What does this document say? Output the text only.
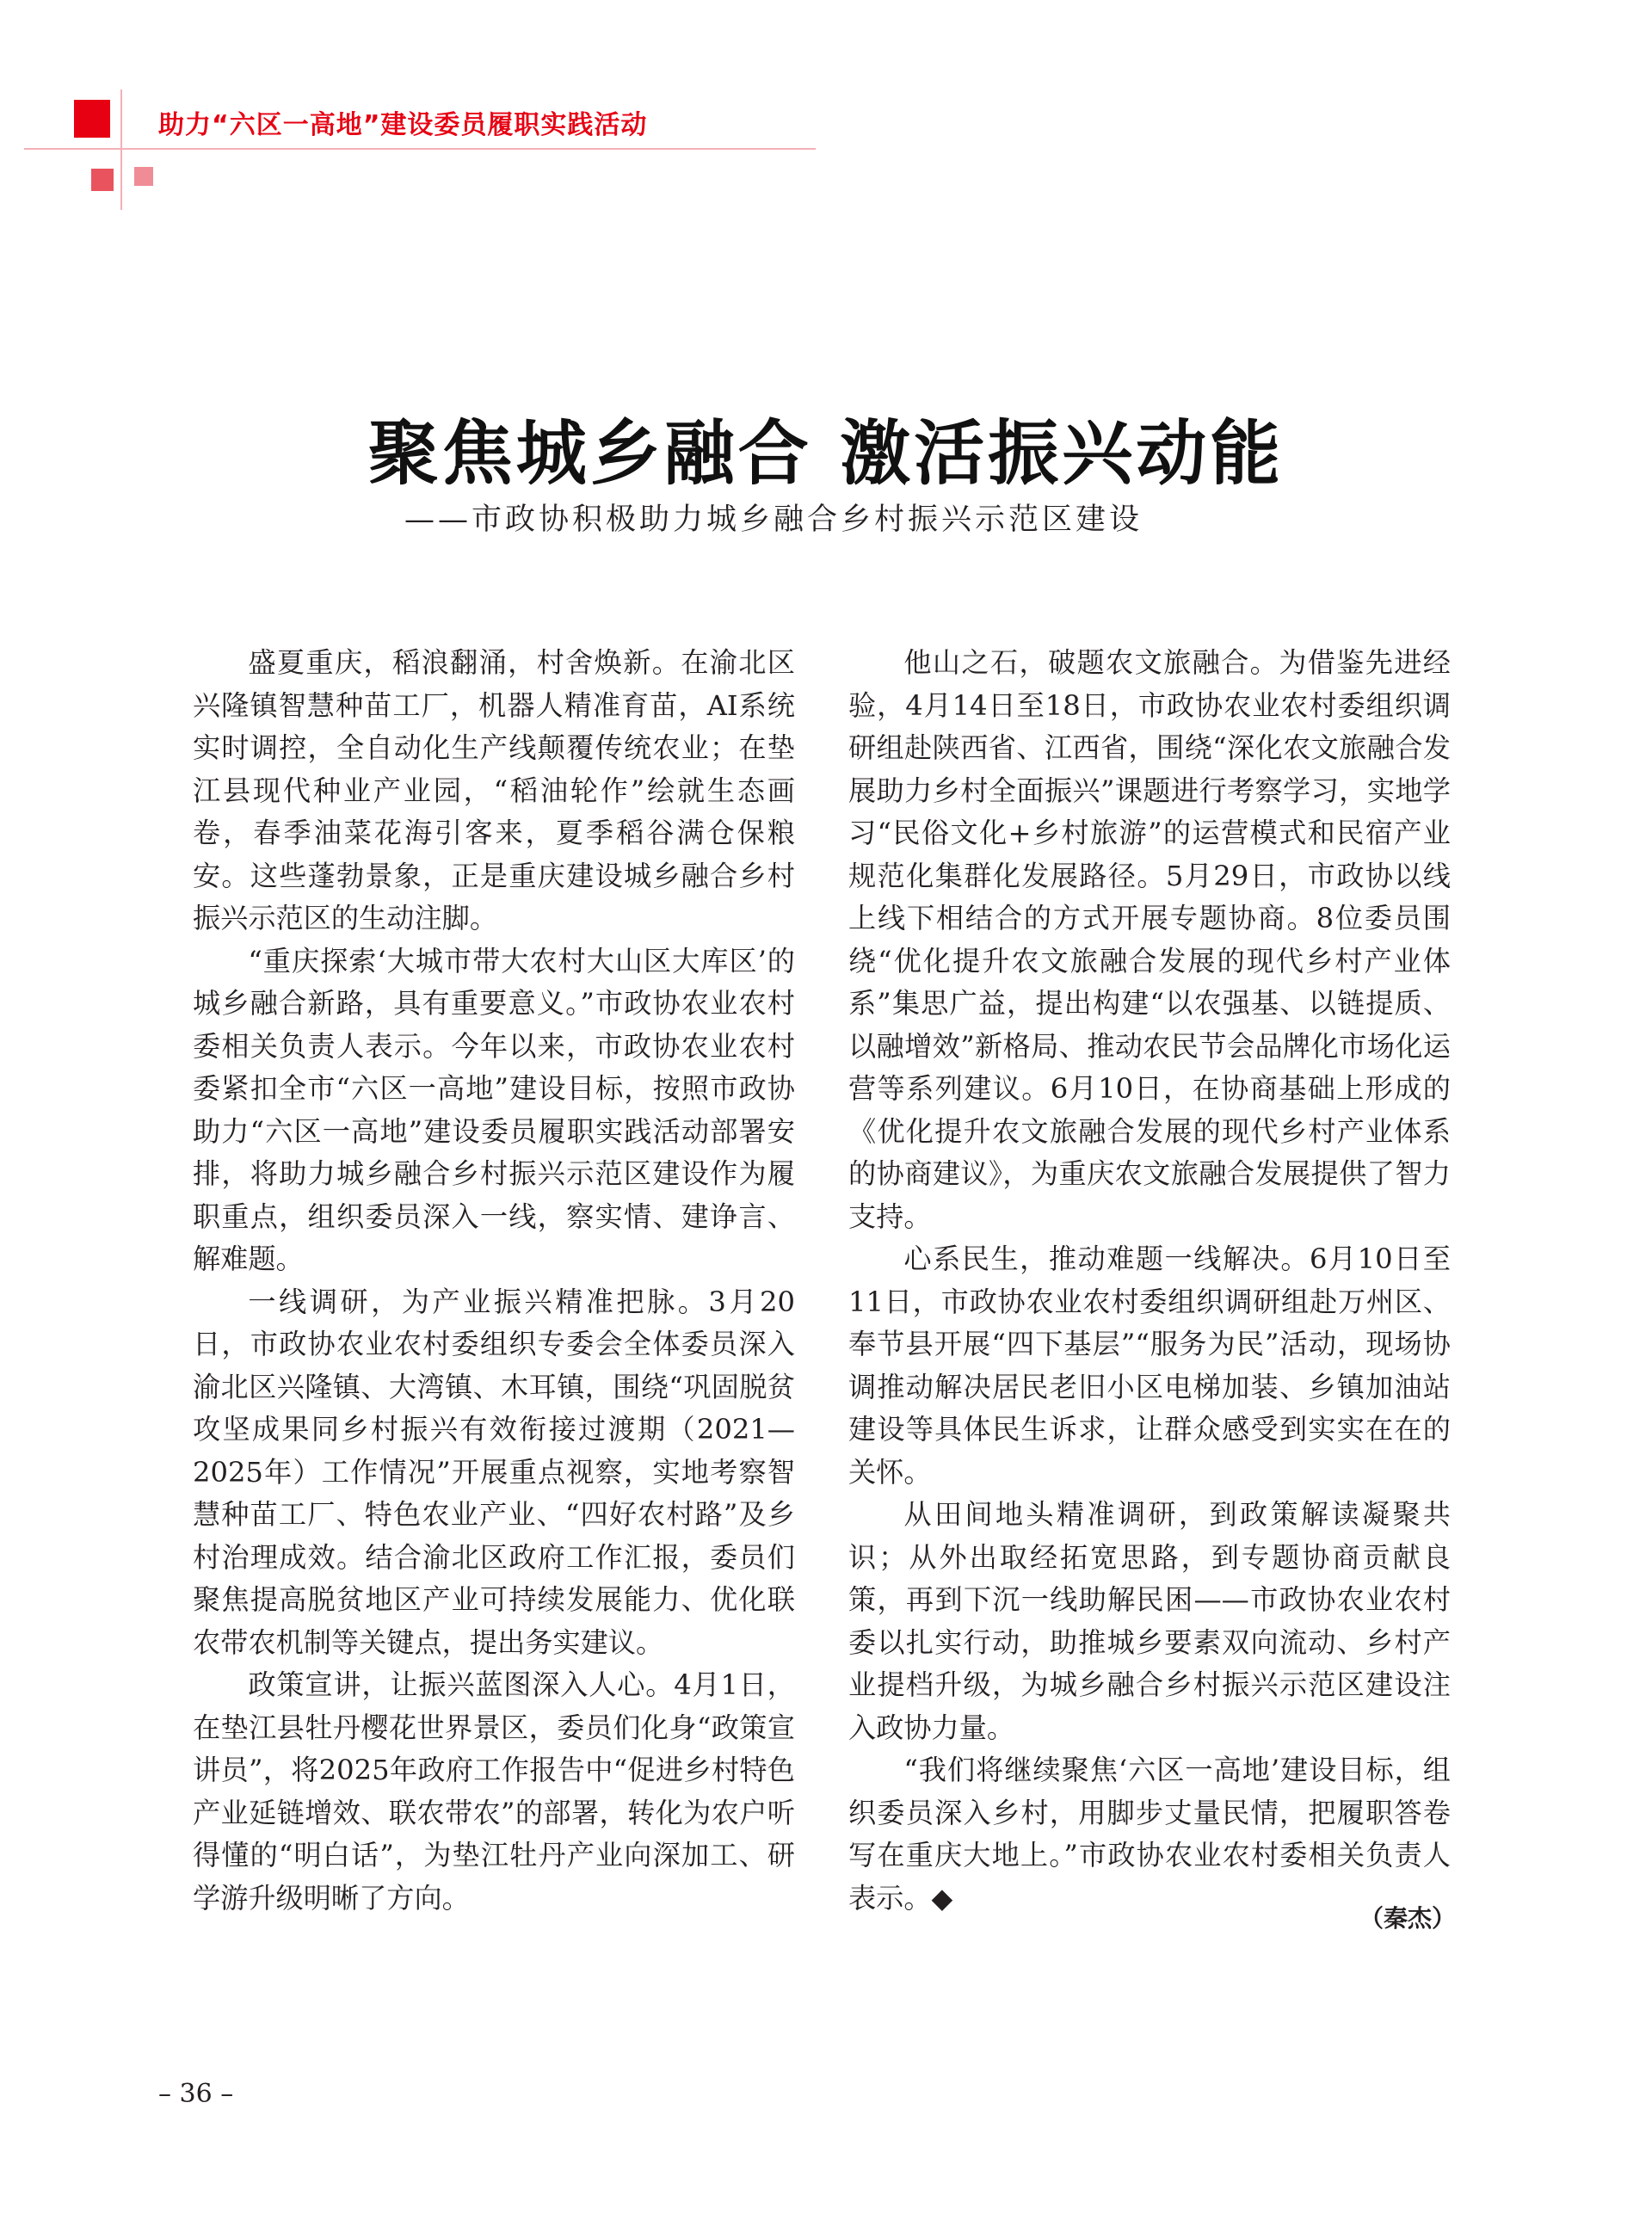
助力“六区一高地”建设委员履职实践活动
聚焦城乡融合 激活振兴动能
——市政协积极助力城乡融合乡村振兴示范区建设

盛夏重庆，稻浪翻涌，村舍焕新。在渝北区兴隆镇智慧种苗工厂，机器人精准育苗，AI系统实时调控，全自动化生产线颠覆传统农业；在垫江县现代种业产业园，“稻油轮作”绘就生态画卷，春季油菜花海引客来，夏季稻谷满仓保粮安。这些蓬勃景象，正是重庆建设城乡融合乡村振兴示范区的生动注脚。

“重庆探索‘大城市带大农村大山区大库区’的城乡融合新路，具有重要意义。”市政协农业农村委相关负责人表示。今年以来，市政协农业农村委紧扣全市“六区一高地”建设目标，按照市政协助力“六区一高地”建设委员履职实践活动部署安排，将助力城乡融合乡村振兴示范区建设作为履职重点，组织委员深入一线，察实情、建诤言、解难题。

一线调研，为产业振兴精准把脉。3月20日，市政协农业农村委组织专委会全体委员深入渝北区兴隆镇、大湾镇、木耳镇，围绕“巩固脱贫攻坚成果同乡村振兴有效衔接过渡期（2021—2025年）工作情况”开展重点视察，实地考察智慧种苗工厂、特色农业产业、“四好农村路”及乡村治理成效。结合渝北区政府工作汇报，委员们聚焦提高脱贫地区产业可持续发展能力、优化联农带农机制等关键点，提出务实建议。

政策宣讲，让振兴蓝图深入人心。4月1日，在垫江县牡丹樱花世界景区，委员们化身“政策宣讲员”，将2025年政府工作报告中“促进乡村特色产业延链增效、联农带农”的部署，转化为农户听得懂的“明白话”，为垫江牡丹产业向深加工、研学游升级明晰了方向。

他山之石，破题农文旅融合。为借鉴先进经验，4月14日至18日，市政协农业农村委组织调研组赴陕西省、江西省，围绕“深化农文旅融合发展助力乡村全面振兴”课题进行考察学习，实地学习“民俗文化+乡村旅游”的运营模式和民宿产业规范化集群化发展路径。5月29日，市政协以线上线下相结合的方式开展专题协商。8位委员围绕“优化提升农文旅融合发展的现代乡村产业体系”集思广益，提出构建“以农强基、以链提质、以融增效”新格局、推动农民节会品牌化市场化运营等系列建议。6月10日，在协商基础上形成的《优化提升农文旅融合发展的现代乡村产业体系的协商建议》，为重庆农文旅融合发展提供了智力支持。

心系民生，推动难题一线解决。6月10日至11日，市政协农业农村委组织调研组赴万州区、奉节县开展“四下基层”“服务为民”活动，现场协调推动解决居民老旧小区电梯加装、乡镇加油站建设等具体民生诉求，让群众感受到实实在在的关怀。

从田间地头精准调研，到政策解读凝聚共识；从外出取经拓宽思路，到专题协商贡献良策，再到下沉一线助解民困——市政协农业农村委以扎实行动，助推城乡要素双向流动、乡村产业提档升级，为城乡融合乡村振兴示范区建设注入政协力量。

“我们将继续聚焦‘六区一高地’建设目标，组织委员深入乡村，用脚步丈量民情，把履职答卷写在重庆大地上。”市政协农业农村委相关负责人表示。◆

（秦杰）
– 36 –
